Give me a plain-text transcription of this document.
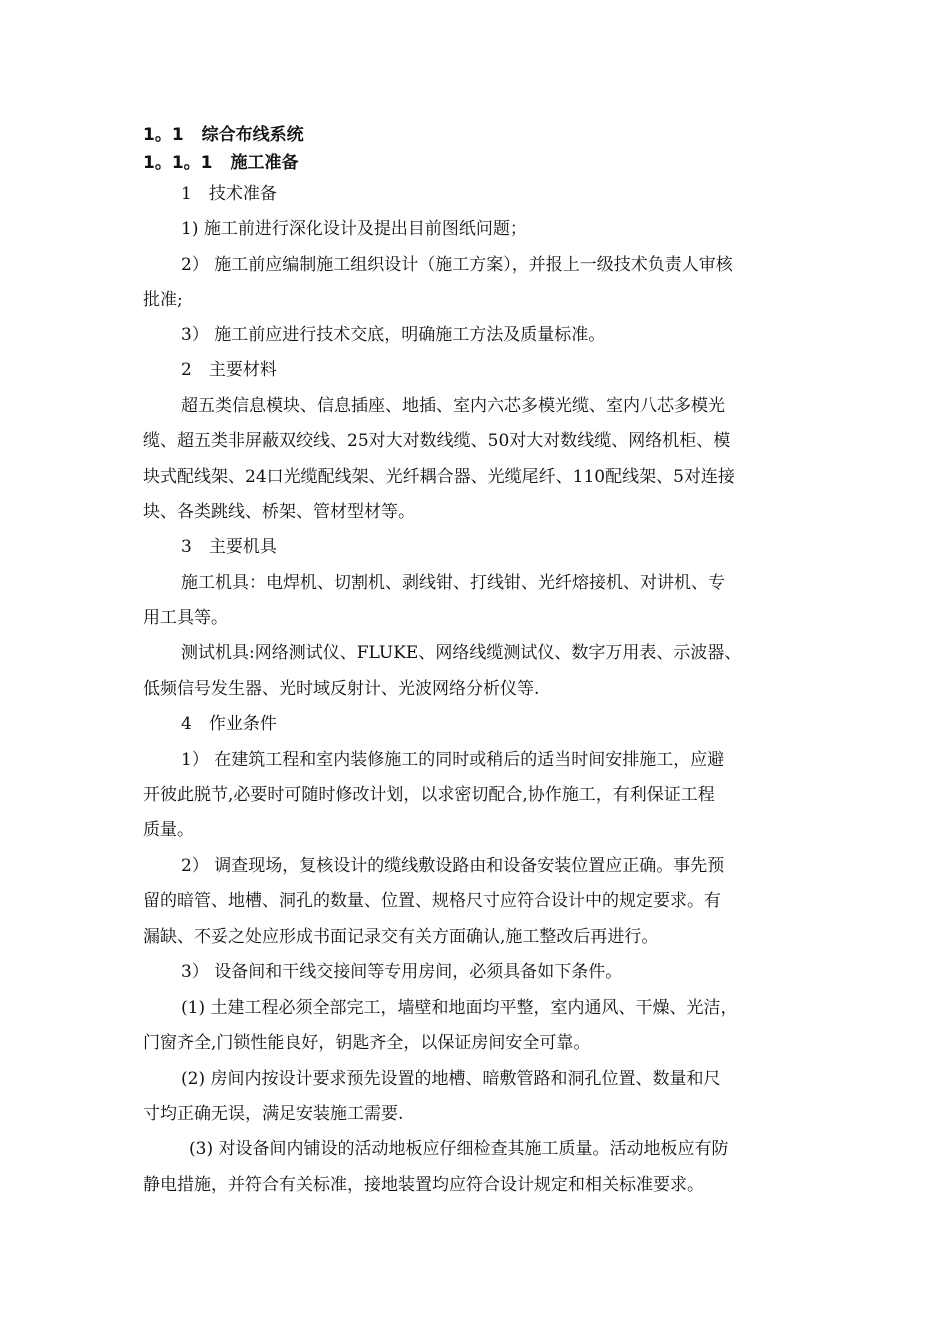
1。1 综合布线系统
1。1。1 施工准备
1　技术准备
1) 施工前进行深化设计及提出目前图纸问题；
2） 施工前应编制施工组织设计（施工方案），并报上一级技术负责人审核
批准;
3） 施工前应进行技术交底，明确施工方法及质量标准。
2　主要材料
超五类信息模块、信息插座、地插、室内六芯多模光缆、室内八芯多模光
缆、超五类非屏蔽双绞线、25对大对数线缆、50对大对数线缆、网络机柜、模
块式配线架、24口光缆配线架、光纤耦合器、光缆尾纤、110配线架、5对连接
块、各类跳线、桥架、管材型材等。
3　主要机具
施工机具：电焊机、切割机、剥线钳、打线钳、光纤熔接机、对讲机、专
用工具等。
测试机具:网络测试仪、FLUKE、网络线缆测试仪、数字万用表、示波器、
低频信号发生器、光时域反射计、光波网络分析仪等.
4　作业条件
1） 在建筑工程和室内装修施工的同时或稍后的适当时间安排施工，应避
开彼此脱节,必要时可随时修改计划，以求密切配合,协作施工，有利保证工程
质量。
2） 调查现场，复核设计的缆线敷设路由和设备安装位置应正确。事先预
留的暗管、地槽、洞孔的数量、位置、规格尺寸应符合设计中的规定要求。有
漏缺、不妥之处应形成书面记录交有关方面确认,施工整改后再进行。
3） 设备间和干线交接间等专用房间，必须具备如下条件。
(1) 土建工程必须全部完工，墙壁和地面均平整，室内通风、干燥、光洁，
门窗齐全,门锁性能良好，钥匙齐全，以保证房间安全可靠。
(2) 房间内按设计要求预先设置的地槽、暗敷管路和洞孔位置、数量和尺
寸均正确无误，满足安装施工需要.
(3) 对设备间内铺设的活动地板应仔细检查其施工质量。活动地板应有防
静电措施，并符合有关标准，接地装置均应符合设计规定和相关标准要求。
